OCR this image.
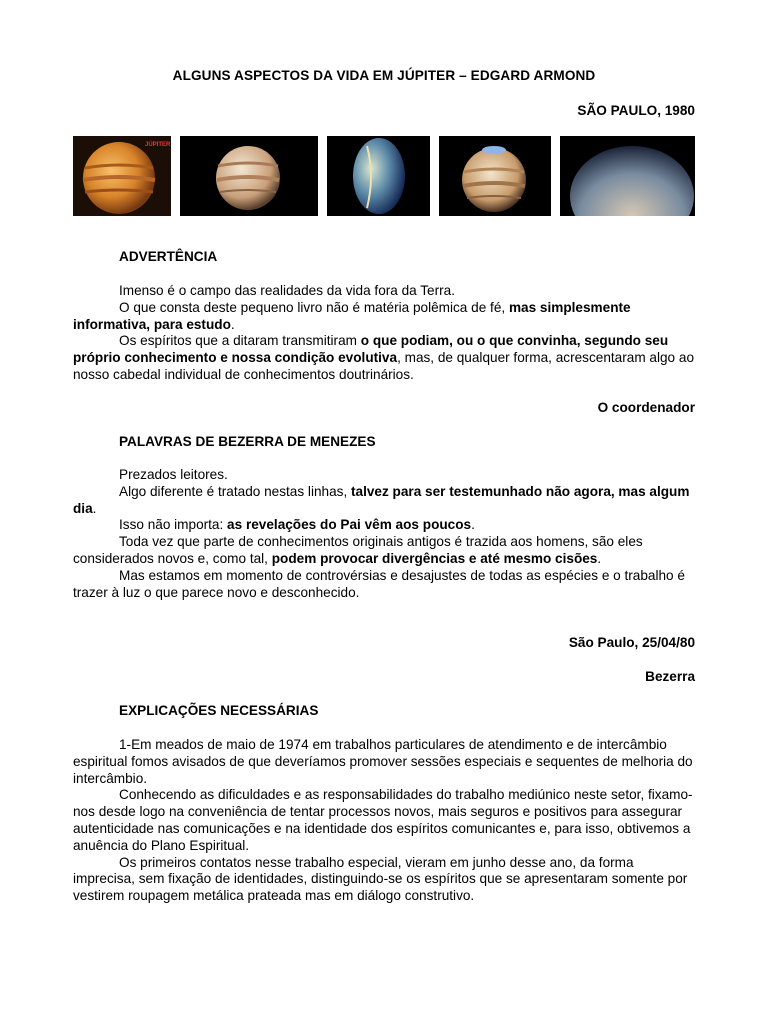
ALGUNS ASPECTOS DA VIDA EM JÚPITER – EDGARD ARMOND
SÃO PAULO, 1980
JÚPITER
ADVERTÊNCIA
Imenso é o campo das realidades da vida fora da Terra.
O que consta deste pequeno livro não é matéria polêmica de fé, mas simplesmente informativa, para estudo.
Os espíritos que a ditaram transmitiram o que podiam, ou o que convinha, segundo seu próprio conhecimento e nossa condição evolutiva, mas, de qualquer forma, acrescentaram algo ao nosso cabedal individual de conhecimentos doutrinários.
O coordenador
PALAVRAS DE BEZERRA DE MENEZES
Prezados leitores.
Algo diferente é tratado nestas linhas, talvez para ser testemunhado não agora, mas algum dia.
Isso não importa: as revelações do Pai vêm aos poucos.
Toda vez que parte de conhecimentos originais antigos é trazida aos homens, são eles considerados novos e, como tal, podem provocar divergências e até mesmo cisões.
Mas estamos em momento de controvérsias e desajustes de todas as espécies e o trabalho é trazer à luz o que parece novo e desconhecido.
São Paulo, 25/04/80
Bezerra
EXPLICAÇÕES NECESSÁRIAS
1-Em meados de maio de 1974 em trabalhos particulares de atendimento e de intercâmbio espiritual fomos avisados de que deveríamos promover sessões especiais e sequentes de melhoria do intercâmbio.
Conhecendo as dificuldades e as responsabilidades do trabalho mediúnico neste setor, fixamo-nos desde logo na conveniência de tentar processos novos, mais seguros e positivos para assegurar autenticidade nas comunicações e na identidade dos espíritos comunicantes e, para isso, obtivemos a anuência do Plano Espiritual.
Os primeiros contatos nesse trabalho especial, vieram em junho desse ano, da forma imprecisa, sem fixação de identidades, distinguindo-se os espíritos que se apresentaram somente por vestirem roupagem metálica prateada mas em diálogo construtivo.
